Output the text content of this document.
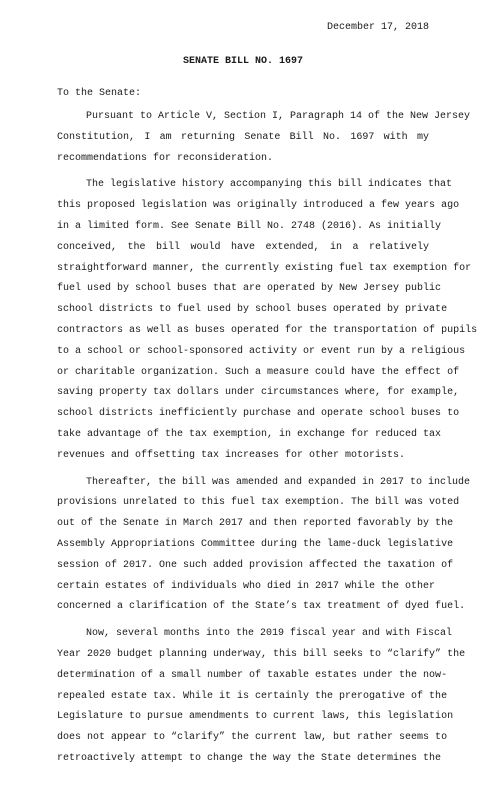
December 17, 2018
SENATE BILL NO. 1697
To the Senate:
Pursuant to Article V, Section I, Paragraph 14 of the New Jersey
Constitution, I am returning Senate Bill No. 1697 with my
recommendations for reconsideration.
The legislative history accompanying this bill indicates that
this proposed legislation was originally introduced a few years ago
in a limited form. See Senate Bill No. 2748 (2016). As initially
conceived, the bill would have extended, in a relatively
straightforward manner, the currently existing fuel tax exemption for
fuel used by school buses that are operated by New Jersey public
school districts to fuel used by school buses operated by private
contractors as well as buses operated for the transportation of pupils
to a school or school-sponsored activity or event run by a religious
or charitable organization. Such a measure could have the effect of
saving property tax dollars under circumstances where, for example,
school districts inefficiently purchase and operate school buses to
take advantage of the tax exemption, in exchange for reduced tax
revenues and offsetting tax increases for other motorists.
Thereafter, the bill was amended and expanded in 2017 to include
provisions unrelated to this fuel tax exemption. The bill was voted
out of the Senate in March 2017 and then reported favorably by the
Assembly Appropriations Committee during the lame-duck legislative
session of 2017. One such added provision affected the taxation of
certain estates of individuals who died in 2017 while the other
concerned a clarification of the State’s tax treatment of dyed fuel.
Now, several months into the 2019 fiscal year and with Fiscal
Year 2020 budget planning underway, this bill seeks to “clarify” the
determination of a small number of taxable estates under the now-
repealed estate tax. While it is certainly the prerogative of the
Legislature to pursue amendments to current laws, this legislation
does not appear to “clarify” the current law, but rather seems to
retroactively attempt to change the way the State determines the
